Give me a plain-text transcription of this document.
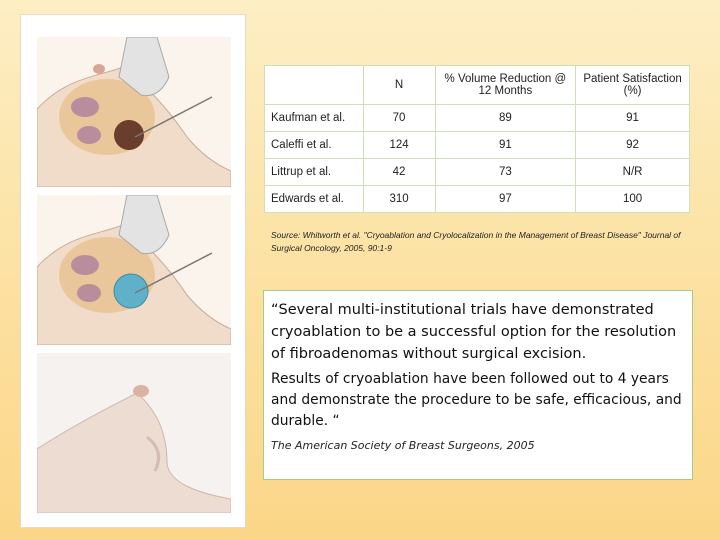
	N	% Volume Reduction @ 12 Months	Patient Satisfaction (%)
Kaufman et al.	70	89	91
Caleffi et al.	124	91	92
Littrup et al.	42	73	N/R
Edwards et al.	310	97	100
Source: Whitworth et al. "Cryoablation and Cryolocalization in the Management of Breast Disease" Journal of Surgical Oncology, 2005, 90:1-9

“Several multi-institutional trials have demonstrated cryoablation to be a successful option for the resolution of fibroadenomas without surgical excision.

Results of cryoablation have been followed out to 4 years and demonstrate the procedure to be safe, efficacious, and durable. “

The American Society of Breast Surgeons, 2005
